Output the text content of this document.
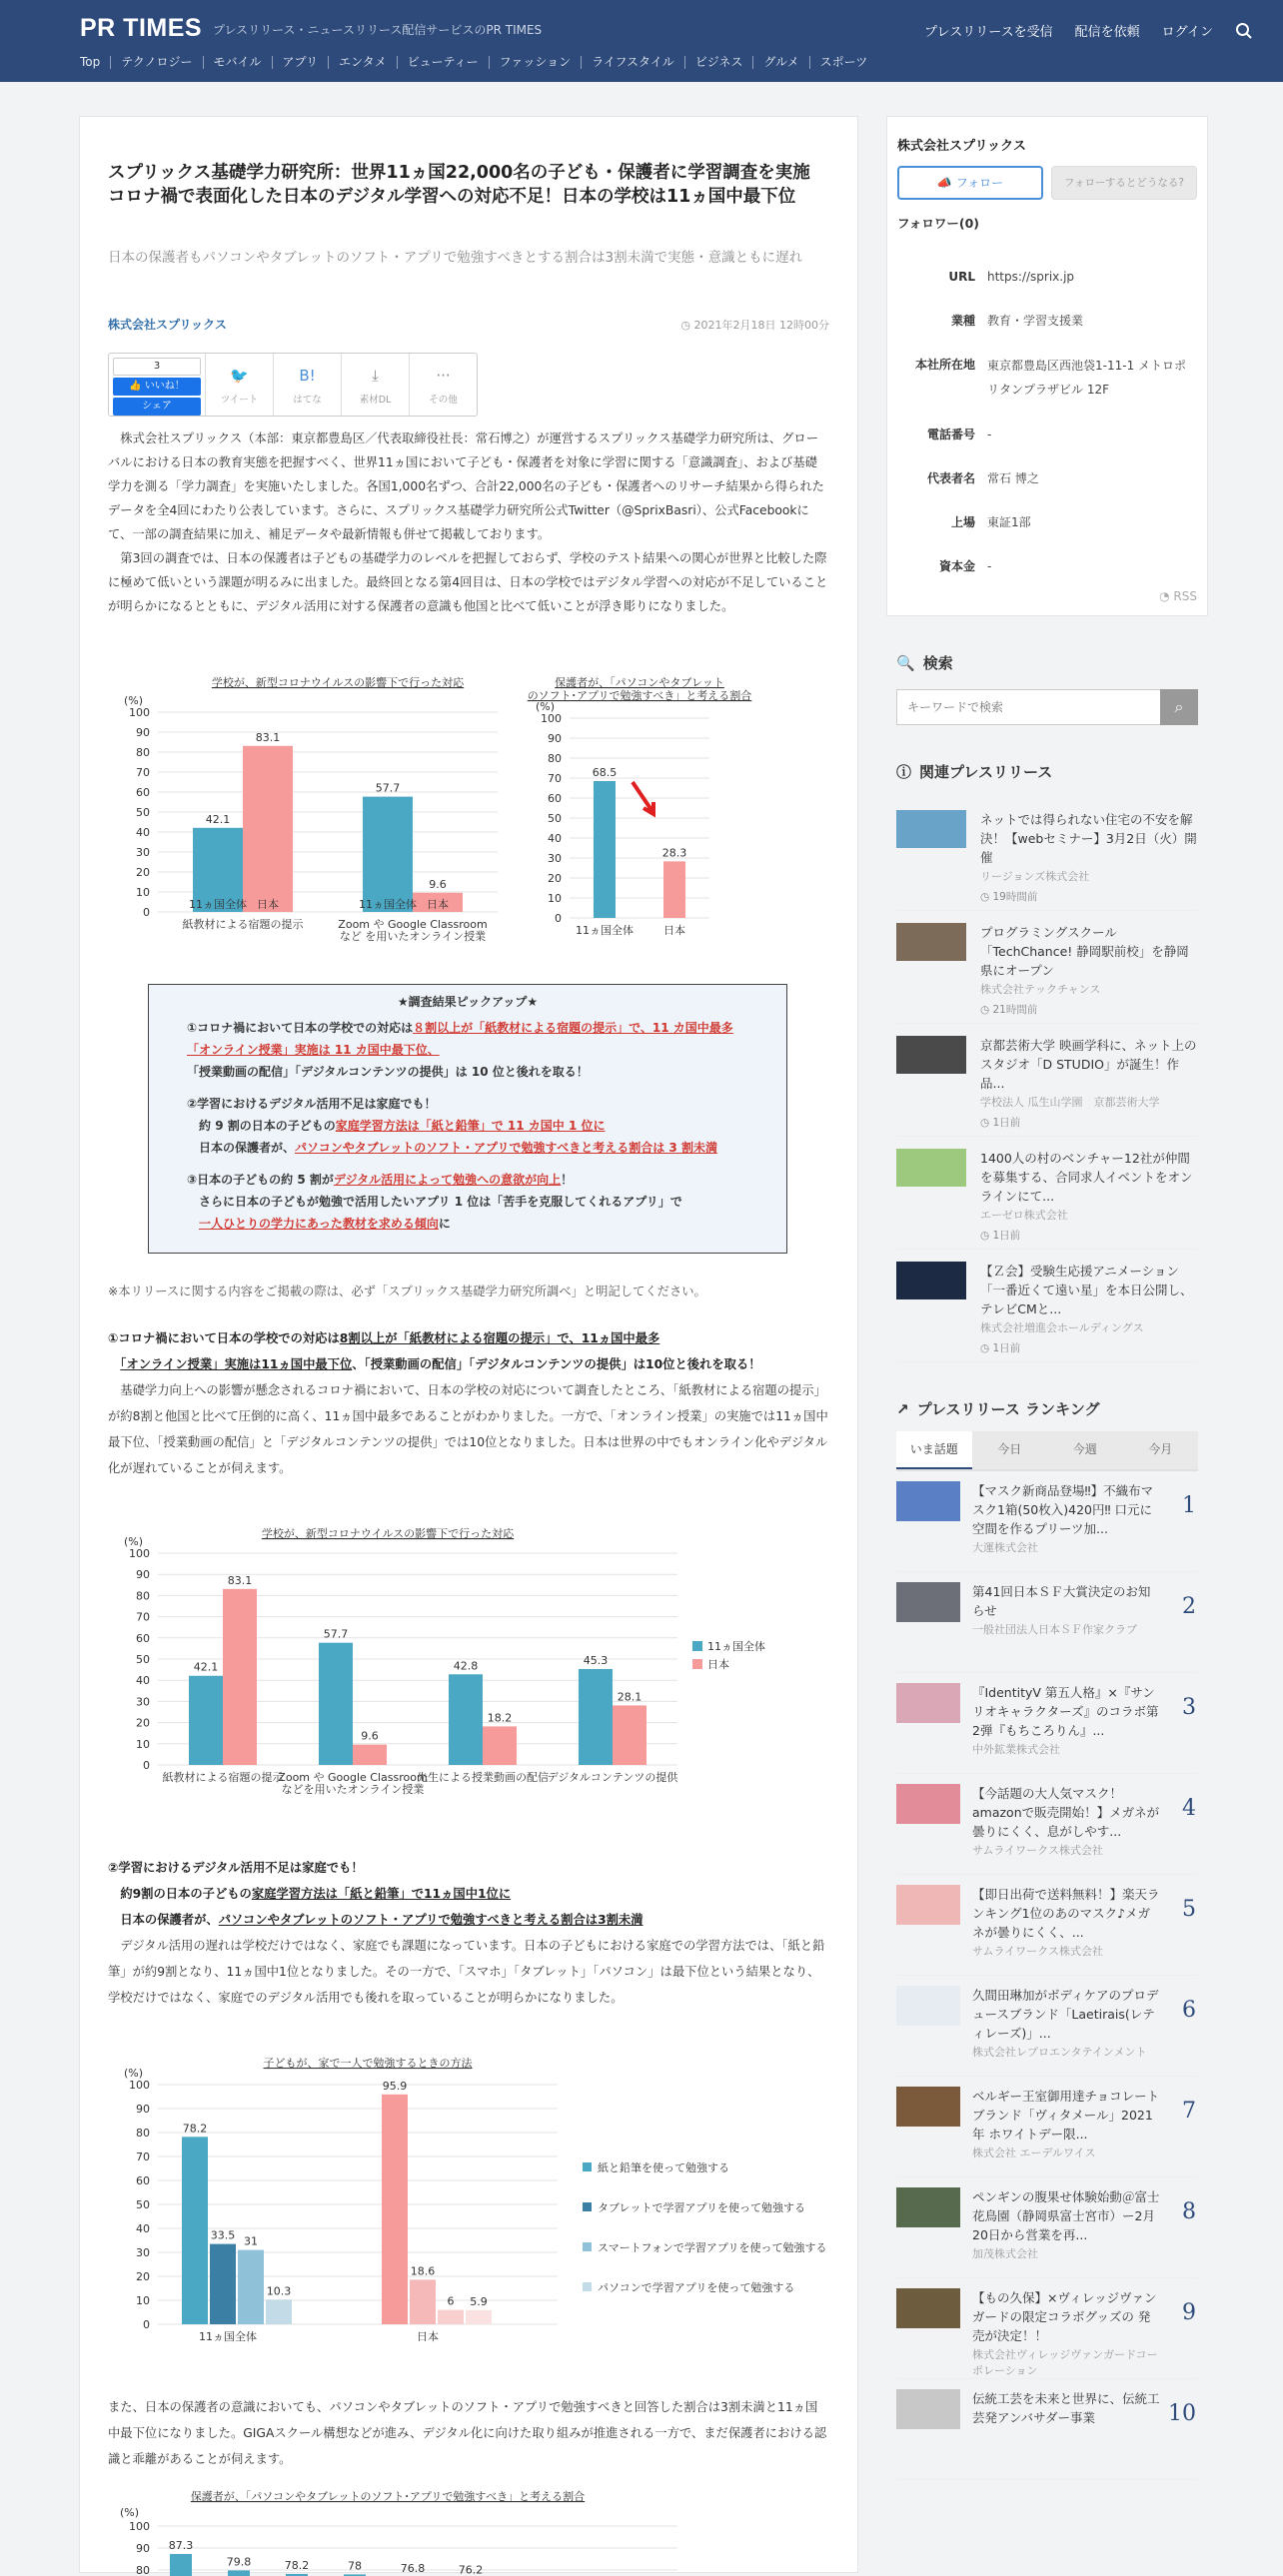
PR TIMES プレスリリース・ニュースリリース配信サービスのPR TIMES	プレスリリースを受信 配信を依頼 ログイン
Top	テクノロジー	モバイル	アプリ	エンタメ	ビューティー	ファッション	ライフスタイル	ビジネス	グルメ	スポーツ
スプリックス基礎学力研究所：世界11ヵ国22,000名の子ども・保護者に学習調査を実施　コロナ禍で表面化した日本のデジタル学習への対応不足！日本の学校は11ヵ国中最下位
日本の保護者もパソコンやタブレットのソフト・アプリで勉強すべきとする割合は3割未満で実態・意識ともに遅れ
株式会社スプリックス	◷ 2021年2月18日 12時00分
3
👍 いいね！
シェア
🐦
ツイート
B!
はてな
⤓
素材DL
···
その他

株式会社スプリックス（本部：東京都豊島区／代表取締役社長：常石博之）が運営するスプリックス基礎学力研究所は、グローバルにおける日本の教育実態を把握すべく、世界11ヵ国において子ども・保護者を対象に学習に関する「意識調査」、および基礎学力を測る「学力調査」を実施いたしました。各国1,000名ずつ、合計22,000名の子ども・保護者へのリサーチ結果から得られたデータを全4回にわたり公表しています。さらに、スプリックス基礎学力研究所公式Twitter（@SprixBasri）、公式Facebookにて、一部の調査結果に加え、補足データや最新情報も併せて掲載しております。

第3回の調査では、日本の保護者は子どもの基礎学力のレベルを把握しておらず、学校のテスト結果への関心が世界と比較した際に極めて低いという課題が明るみに出ました。最終回となる第4回目は、日本の学校ではデジタル学習への対応が不足していることが明らかになるとともに、デジタル活用に対する保護者の意識も他国と比べて低いことが浮き彫りになりました。

学校が、新型コロナウイルスの影響下で行った対応
(%)
0
10
20
30
40
50
60
70
80
90
100
42.1
83.1
紙教材による宿題の提示
57.7
9.6
Zoom や Google Classroom
など を用いたオンライン授業
11ヵ国全体 日本	11ヵ国全体 日本
保護者が、「パソコンやタブレット
のソフト･アプリで勉強すべき」と考える割合
(%)
0
10
20
30
40
50
60
70
80
90
100
68.5
11ヵ国全体
28.3
日本
★調査結果ピックアップ★
①コロナ禍において日本の学校での対応は８割以上が「紙教材による宿題の提示」で、11 カ国中最多
「オンライン授業」実施は 11 カ国中最下位、
「授業動画の配信」「デジタルコンテンツの提供」は 10 位と後れを取る！
②学習におけるデジタル活用不足は家庭でも！
　約 9 割の日本の子どもの家庭学習方法は「紙と鉛筆」で 11 カ国中 1 位に
　日本の保護者が、パソコンやタブレットのソフト・アプリで勉強すべきと考える割合は 3 割未満
③日本の子どもの約 5 割がデジタル活用によって勉強への意欲が向上！
　さらに日本の子どもが勉強で活用したいアプリ 1 位は「苦手を克服してくれるアプリ」で
　一人ひとりの学力にあった教材を求める傾向に
※本リリースに関する内容をご掲載の際は、必ず「スプリックス基礎学力研究所調べ」と明記してください。
①コロナ禍において日本の学校での対応は8割以上が「紙教材による宿題の提示」で、11ヵ国中最多
　「オンライン授業」実施は11ヵ国中最下位、「授業動画の配信」「デジタルコンテンツの提供」は10位と後れを取る！

基礎学力向上への影響が懸念されるコロナ禍において、日本の学校の対応について調査したところ、「紙教材による宿題の提示」が約8割と他国と比べて圧倒的に高く、11ヵ国中最多であることがわかりました。一方で、「オンライン授業」の実施では11ヵ国中最下位、「授業動画の配信」と「デジタルコンテンツの提供」では10位となりました。日本は世界の中でもオンライン化やデジタル化が遅れていることが伺えます。

学校が、新型コロナウイルスの影響下で行った対応
(%)
0
10
20
30
40
50
60
70
80
90
100
42.1
83.1
紙教材による宿題の提示
57.7
9.6
Zoom や Google Classroom
などを用いたオンライン授業
42.8
18.2
先生による授業動画の配信
45.3
28.1
デジタルコンテンツの提供
11ヵ国全体
日本
②学習におけるデジタル活用不足は家庭でも！
　約9割の日本の子どもの家庭学習方法は「紙と鉛筆」で11ヵ国中1位に
　日本の保護者が、パソコンやタブレットのソフト・アプリで勉強すべきと考える割合は3割未満

デジタル活用の遅れは学校だけではなく、家庭でも課題になっています。日本の子どもにおける家庭での学習方法では、「紙と鉛筆」が約9割となり、11ヵ国中1位となりました。その一方で、「スマホ」「タブレット」「パソコン」は最下位という結果となり、学校だけではなく、家庭でのデジタル活用でも後れを取っていることが明らかになりました。

子どもが、家で一人で勉強するときの方法
(%)
0
10
20
30
40
50
60
70
80
90
100
78.2
33.5 31
10.3
11ヵ国全体
95.9
18.6
6 5.9
日本
紙と鉛筆を使って勉強する
タブレットで学習アプリを使って勉強する
スマートフォンで学習アプリを使って勉強する
パソコンで学習アプリを使って勉強する
また、日本の保護者の意識においても、パソコンやタブレットのソフト・アプリで勉強すべきと回答した割合は3割未満と11ヵ国中最下位になりました。GIGAスクール構想などが進み、デジタル化に向けた取り組みが推進される一方で、まだ保護者における認識と乖離があることが伺えます。
保護者が、「パソコンやタブレットのソフト･アプリで勉強すべき」と考える割合
(%)
100
90
80
87.3
79.8	78.2	78	76.8	76.2
株式会社スプリックス
📣 フォロー	フォローするとどうなる?
フォロワー(0)
URL	https://sprix.jp
業種	教育・学習支援業
本社所在地	東京都豊島区西池袋1-11-1 メトロポリタンプラザビル 12F
電話番号	-
代表者名	常石 博之
上場	東証1部
資本金	-
◔ RSS
🔍 検索
キーワードで検索
⌕
ⓘ 関連プレスリリース
ネットでは得られない住宅の不安を解決！【webセミナー】3月2日（火）開催
リージョンズ株式会社
◷ 19時間前
プログラミングスクール「TechChance! 静岡駅前校」を静岡県にオープン
株式会社テックチャンス
◷ 21時間前
京都芸術大学 映画学科に、ネット上のスタジオ「D STUDIO」が誕生！作品...
学校法人 瓜生山学園　京都芸術大学
◷ 1日前
1400人の村のベンチャー12社が仲間を募集する、合同求人イベントをオンラインにて...
エーゼロ株式会社
◷ 1日前
【Ｚ会】受験生応援アニメーション「一番近くて遠い星」を本日公開し、テレビCMと...
株式会社増進会ホールディングス
◷ 1日前
↗ プレスリリース ランキング
いま話題	今日	今週	今月
【マスク新商品登場‼】不織布マスク1箱(50枚入)420円‼ 口元に空間を作るプリーツ加...
大運株式会社
1
第41回日本ＳＦ大賞決定のお知らせ
一般社団法人日本ＳＦ作家クラブ
2
『IdentityV 第五人格』×『サンリオキャラクターズ』のコラボ第2弾『もちころりん』...
中外鉱業株式会社
3
【今話題の大人気マスク！amazonで販売開始！】メガネが曇りにくく、息がしやす...
サムライワークス株式会社
4
【即日出荷で送料無料！】楽天ランキング1位のあのマスク♪メガネが曇りにくく、...
サムライワークス株式会社
5
久間田琳加がボディケアのプロデュースブランド「Laetirais(レティレーズ)」...
株式会社レプロエンタテインメント
6
ベルギー王室御用達チョコレートブランド「ヴィタメール」2021年 ホワイトデー限...
株式会社 エーデルワイス
7
ペンギンの腹果せ体験始動＠富士花鳥園（静岡県富士宮市）ー2月20日から営業を再...
加茂株式会社
8
【もの久保】×ヴィレッジヴァンガードの限定コラボグッズの 発売が決定！！
株式会社ヴィレッジヴァンガードコーポレーション
9
伝統工芸を未来と世界に、伝統工芸発アンバサダー事業	10
